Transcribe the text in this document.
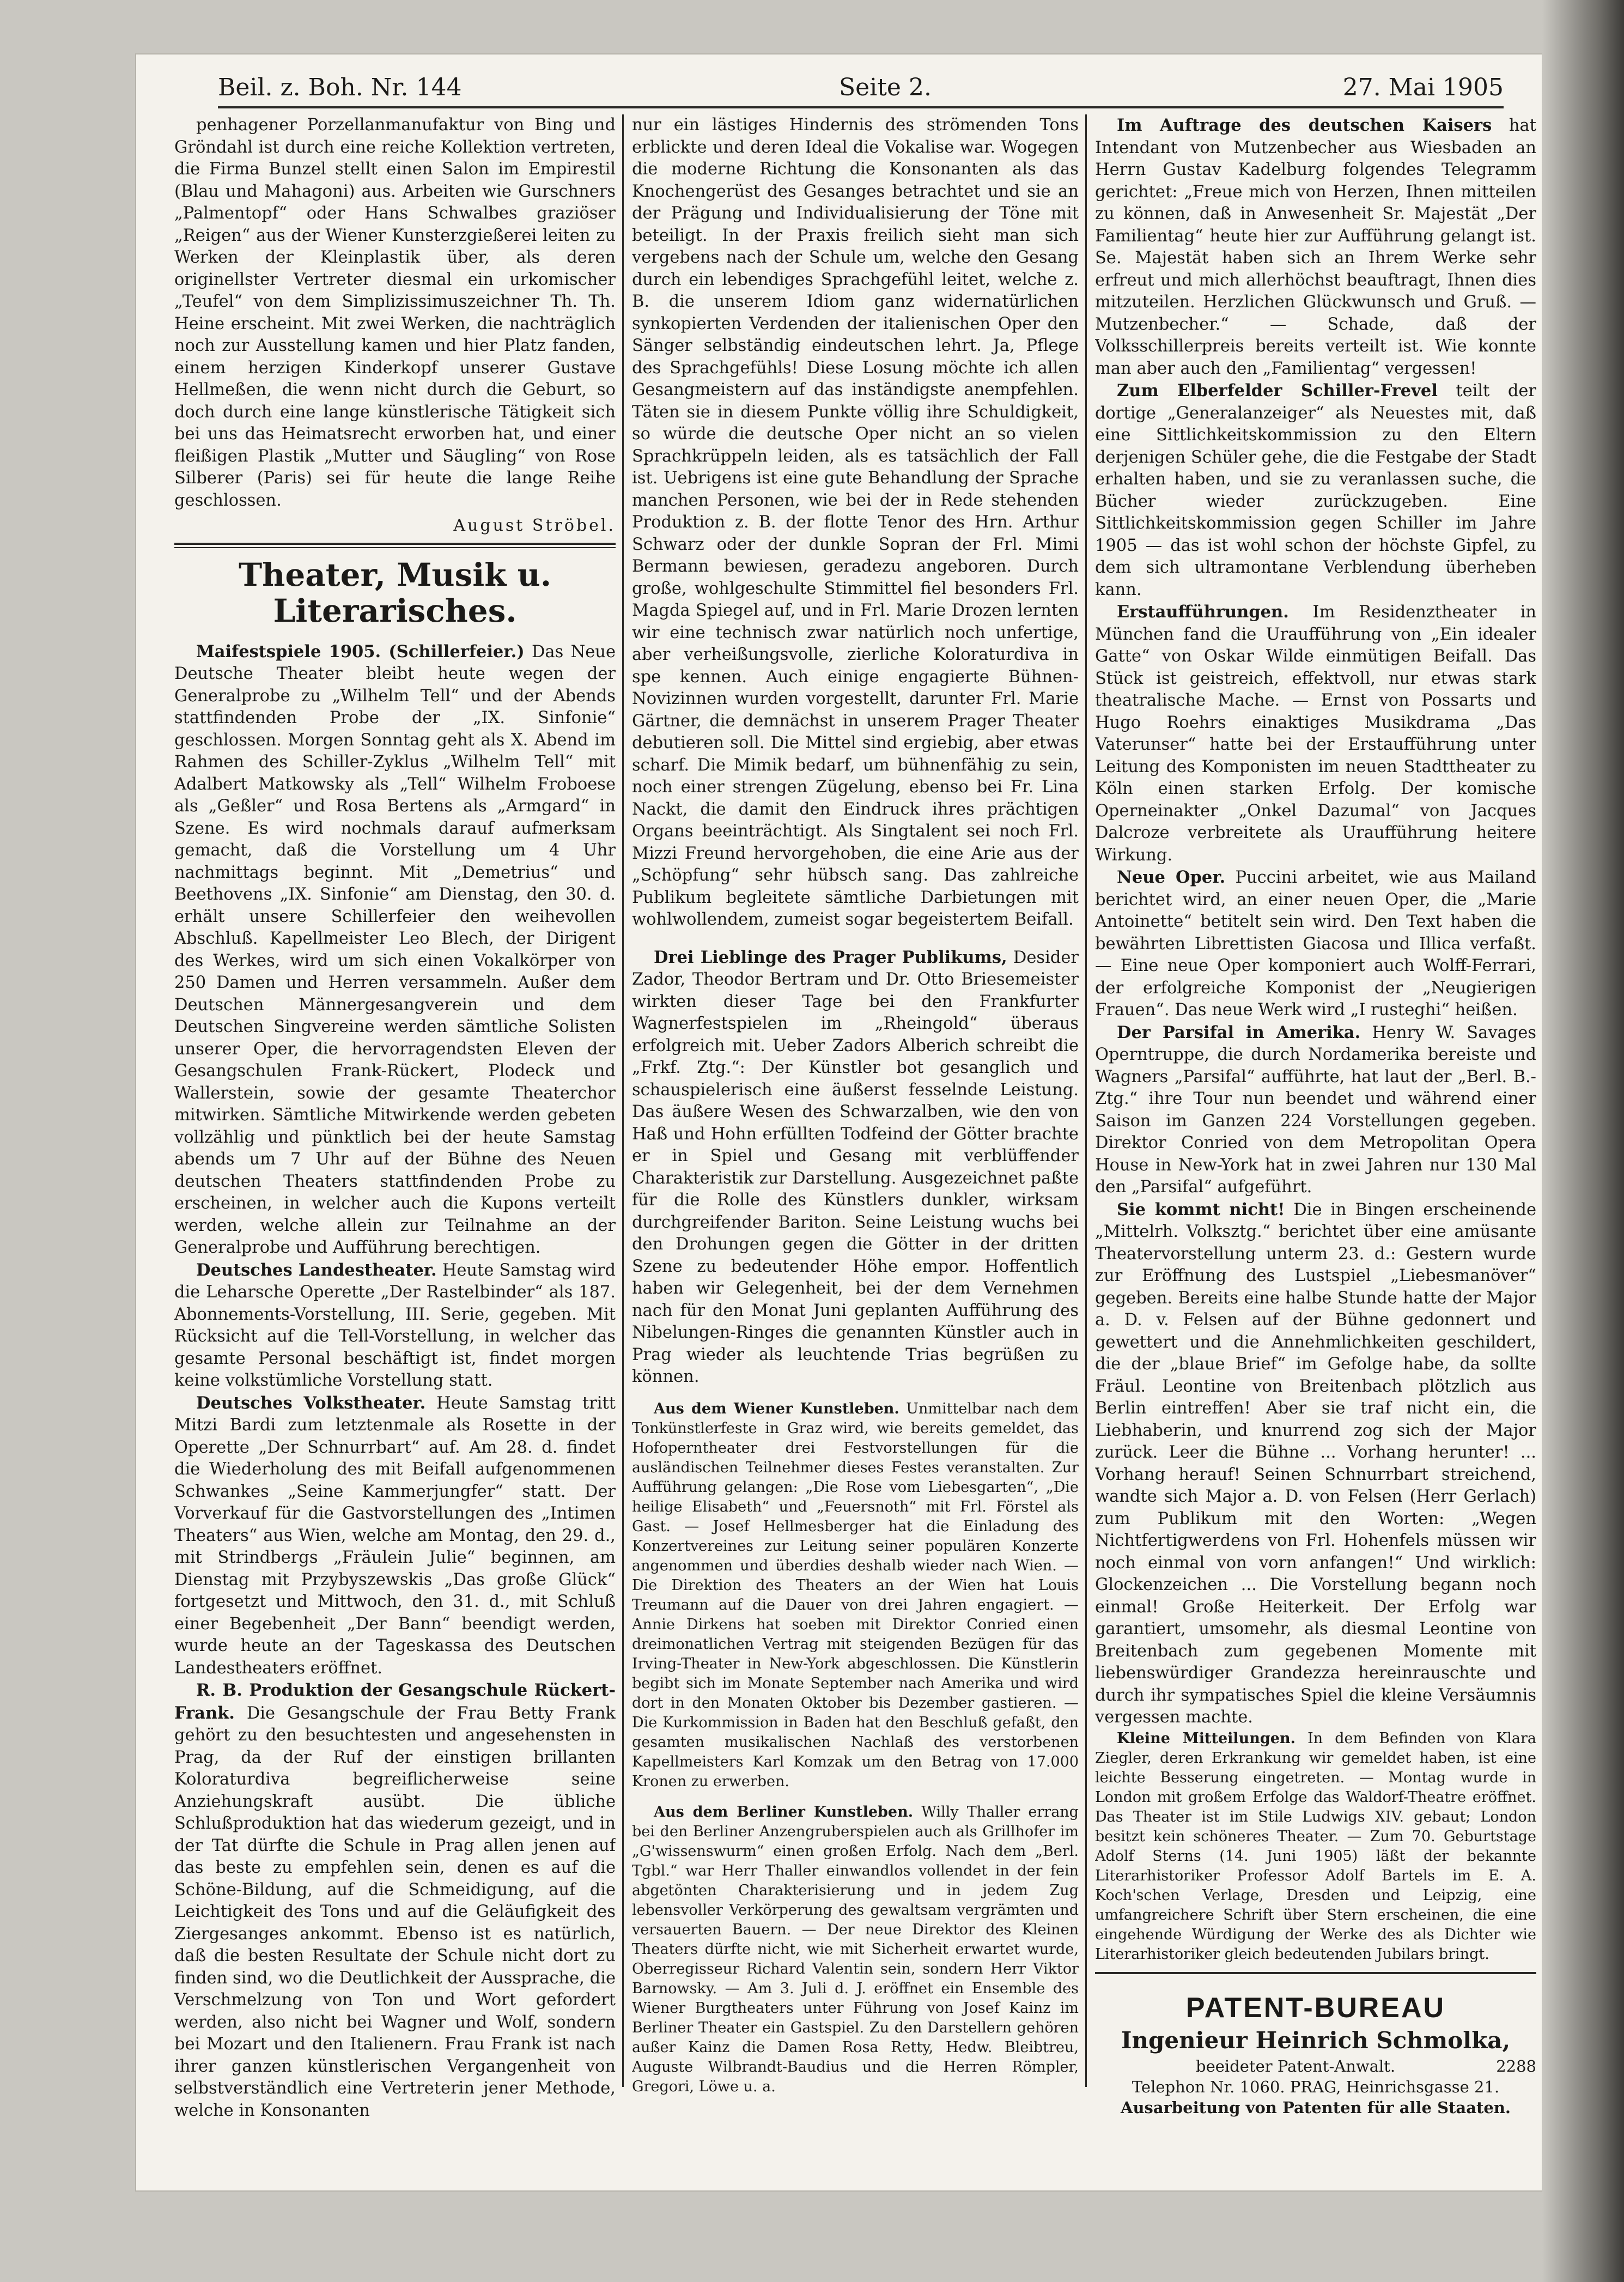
Beil. z. Boh. Nr. 144	Seite 2.	27. Mai 1905

penhagener Porzellanmanufaktur von Bing und Gröndahl ist durch eine reiche Kollektion vertreten, die Firma Bunzel stellt einen Salon im Empirestil (Blau und Mahagoni) aus. Arbeiten wie Gurschners „Palmentopf“ oder Hans Schwalbes graziöser „Reigen“ aus der Wiener Kunsterzgießerei leiten zu Werken der Kleinplastik über, als deren originellster Vertreter diesmal ein urkomischer „Teufel“ von dem Simplizissimuszeichner Th. Th. Heine erscheint. Mit zwei Werken, die nachträglich noch zur Ausstellung kamen und hier Platz fanden, einem herzigen Kinderkopf unserer Gustave Hellmeßen, die wenn nicht durch die Geburt, so doch durch eine lange künstlerische Tätigkeit sich bei uns das Heimatsrecht erworben hat, und einer fleißigen Plastik „Mutter und Säugling“ von Rose Silberer (Paris) sei für heute die lange Reihe geschlossen.

August Ströbel.
Theater, Musik u. Literarisches.

Maifestspiele 1905. (Schillerfeier.) Das Neue Deutsche Theater bleibt heute wegen der Generalprobe zu „Wilhelm Tell“ und der Abends stattfindenden Probe der „IX. Sinfonie“ geschlossen. Morgen Sonntag geht als X. Abend im Rahmen des Schiller-Zyklus „Wilhelm Tell“ mit Adalbert Matkowsky als „Tell“ Wilhelm Froboese als „Geßler“ und Rosa Bertens als „Armgard“ in Szene. Es wird nochmals darauf aufmerksam gemacht, daß die Vorstellung um 4 Uhr nachmittags beginnt. Mit „Demetrius“ und Beethovens „IX. Sinfonie“ am Dienstag, den 30. d. erhält unsere Schillerfeier den weihevollen Abschluß. Kapellmeister Leo Blech, der Dirigent des Werkes, wird um sich einen Vokalkörper von 250 Damen und Herren versammeln. Außer dem Deutschen Männergesangverein und dem Deutschen Singvereine werden sämtliche Solisten unserer Oper, die hervorragendsten Eleven der Gesangschulen Frank-Rückert, Plodeck und Wallerstein, sowie der gesamte Theaterchor mitwirken. Sämtliche Mitwirkende werden gebeten vollzählig und pünktlich bei der heute Samstag abends um 7 Uhr auf der Bühne des Neuen deutschen Theaters stattfindenden Probe zu erscheinen, in welcher auch die Kupons verteilt werden, welche allein zur Teilnahme an der Generalprobe und Aufführung berechtigen.

Deutsches Landestheater. Heute Samstag wird die Leharsche Operette „Der Rastelbinder“ als 187. Abonnements-Vorstellung, III. Serie, gegeben. Mit Rücksicht auf die Tell-Vorstellung, in welcher das gesamte Personal beschäftigt ist, findet morgen keine volkstümliche Vorstellung statt.

Deutsches Volkstheater. Heute Samstag tritt Mitzi Bardi zum letztenmale als Rosette in der Operette „Der Schnurrbart“ auf. Am 28. d. findet die Wiederholung des mit Beifall aufgenommenen Schwankes „Seine Kammerjungfer“ statt. Der Vorverkauf für die Gastvorstellungen des „Intimen Theaters“ aus Wien, welche am Montag, den 29. d., mit Strindbergs „Fräulein Julie“ beginnen, am Dienstag mit Przybyszewskis „Das große Glück“ fortgesetzt und Mittwoch, den 31. d., mit Schluß einer Begebenheit „Der Bann“ beendigt werden, wurde heute an der Tageskassa des Deutschen Landestheaters eröffnet.

R. B. Produktion der Gesangschule Rückert-Frank. Die Gesangschule der Frau Betty Frank gehört zu den besuchtesten und angesehensten in Prag, da der Ruf der einstigen brillanten Koloraturdiva begreiflicherweise seine Anziehungskraft ausübt. Die übliche Schlußproduktion hat das wiederum gezeigt, und in der Tat dürfte die Schule in Prag allen jenen auf das beste zu empfehlen sein, denen es auf die Schöne-Bildung, auf die Schmeidigung, auf die Leichtigkeit des Tons und auf die Geläufigkeit des Ziergesanges ankommt. Ebenso ist es natürlich, daß die besten Resultate der Schule nicht dort zu finden sind, wo die Deutlichkeit der Aussprache, die Verschmelzung von Ton und Wort gefordert werden, also nicht bei Wagner und Wolf, sondern bei Mozart und den Italienern. Frau Frank ist nach ihrer ganzen künstlerischen Vergangenheit von selbstverständlich eine Vertreterin jener Methode, welche in Konsonanten

nur ein lästiges Hindernis des strömenden Tons erblickte und deren Ideal die Vokalise war. Wogegen die moderne Richtung die Konsonanten als das Knochengerüst des Gesanges betrachtet und sie an der Prägung und Individualisierung der Töne mit beteiligt. In der Praxis freilich sieht man sich vergebens nach der Schule um, welche den Gesang durch ein lebendiges Sprachgefühl leitet, welche z. B. die unserem Idiom ganz widernatürlichen synkopierten Verdenden der italienischen Oper den Sänger selbständig eindeutschen lehrt. Ja, Pflege des Sprachgefühls! Diese Losung möchte ich allen Gesangmeistern auf das inständigste anempfehlen. Täten sie in diesem Punkte völlig ihre Schuldigkeit, so würde die deutsche Oper nicht an so vielen Sprachkrüppeln leiden, als es tatsächlich der Fall ist. Uebrigens ist eine gute Behandlung der Sprache manchen Personen, wie bei der in Rede stehenden Produktion z. B. der flotte Tenor des Hrn. Arthur Schwarz oder der dunkle Sopran der Frl. Mimi Bermann bewiesen, geradezu angeboren. Durch große, wohlgeschulte Stimmittel fiel besonders Frl. Magda Spiegel auf, und in Frl. Marie Drozen lernten wir eine technisch zwar natürlich noch unfertige, aber verheißungsvolle, zierliche Koloraturdiva in spe kennen. Auch einige engagierte Bühnen-Novizinnen wurden vorgestellt, darunter Frl. Marie Gärtner, die demnächst in unserem Prager Theater debutieren soll. Die Mittel sind ergiebig, aber etwas scharf. Die Mimik bedarf, um bühnenfähig zu sein, noch einer strengen Zügelung, ebenso bei Fr. Lina Nackt, die damit den Eindruck ihres prächtigen Organs beeinträchtigt. Als Singtalent sei noch Frl. Mizzi Freund hervorgehoben, die eine Arie aus der „Schöpfung“ sehr hübsch sang. Das zahlreiche Publikum begleitete sämtliche Darbietungen mit wohlwollendem, zumeist sogar begeistertem Beifall.

Drei Lieblinge des Prager Publikums, Desider Zador, Theodor Bertram und Dr. Otto Briesemeister wirkten dieser Tage bei den Frankfurter Wagnerfestspielen im „Rheingold“ überaus erfolgreich mit. Ueber Zadors Alberich schreibt die „Frkf. Ztg.“: Der Künstler bot gesanglich und schauspielerisch eine äußerst fesselnde Leistung. Das äußere Wesen des Schwarzalben, wie den von Haß und Hohn erfüllten Todfeind der Götter brachte er in Spiel und Gesang mit verblüffender Charakteristik zur Darstellung. Ausgezeichnet paßte für die Rolle des Künstlers dunkler, wirksam durchgreifender Bariton. Seine Leistung wuchs bei den Drohungen gegen die Götter in der dritten Szene zu bedeutender Höhe empor. Hoffentlich haben wir Gelegenheit, bei der dem Vernehmen nach für den Monat Juni geplanten Aufführung des Nibelungen-Ringes die genannten Künstler auch in Prag wieder als leuchtende Trias begrüßen zu können.

Aus dem Wiener Kunstleben. Unmittelbar nach dem Tonkünstlerfeste in Graz wird, wie bereits gemeldet, das Hofoperntheater drei Festvorstellungen für die ausländischen Teilnehmer dieses Festes veranstalten. Zur Aufführung gelangen: „Die Rose vom Liebesgarten“, „Die heilige Elisabeth“ und „Feuersnoth“ mit Frl. Förstel als Gast. — Josef Hellmesberger hat die Einladung des Konzertvereines zur Leitung seiner populären Konzerte angenommen und überdies deshalb wieder nach Wien. — Die Direktion des Theaters an der Wien hat Louis Treumann auf die Dauer von drei Jahren engagiert. — Annie Dirkens hat soeben mit Direktor Conried einen dreimonatlichen Vertrag mit steigenden Bezügen für das Irving-Theater in New-York abgeschlossen. Die Künstlerin begibt sich im Monate September nach Amerika und wird dort in den Monaten Oktober bis Dezember gastieren. — Die Kurkommission in Baden hat den Beschluß gefaßt, den gesamten musikalischen Nachlaß des verstorbenen Kapellmeisters Karl Komzak um den Betrag von 17.000 Kronen zu erwerben.

Aus dem Berliner Kunstleben. Willy Thaller errang bei den Berliner Anzengruberspielen auch als Grillhofer im „G'wissenswurm“ einen großen Erfolg. Nach dem „Berl. Tgbl.“ war Herr Thaller einwandlos vollendet in der fein abgetönten Charakterisierung und in jedem Zug lebensvoller Verkörperung des gewaltsam vergrämten und versauerten Bauern. — Der neue Direktor des Kleinen Theaters dürfte nicht, wie mit Sicherheit erwartet wurde, Oberregisseur Richard Valentin sein, sondern Herr Viktor Barnowsky. — Am 3. Juli d. J. eröffnet ein Ensemble des Wiener Burgtheaters unter Führung von Josef Kainz im Berliner Theater ein Gastspiel. Zu den Darstellern gehören außer Kainz die Damen Rosa Retty, Hedw. Bleibtreu, Auguste Wilbrandt-Baudius und die Herren Römpler, Gregori, Löwe u. a.

Im Auftrage des deutschen Kaisers hat Intendant von Mutzenbecher aus Wiesbaden an Herrn Gustav Kadelburg folgendes Telegramm gerichtet: „Freue mich von Herzen, Ihnen mitteilen zu können, daß in Anwesenheit Sr. Majestät „Der Familientag“ heute hier zur Aufführung gelangt ist. Se. Majestät haben sich an Ihrem Werke sehr erfreut und mich allerhöchst beauftragt, Ihnen dies mitzuteilen. Herzlichen Glückwunsch und Gruß. — Mutzenbecher.“ — Schade, daß der Volksschillerpreis bereits verteilt ist. Wie konnte man aber auch den „Familientag“ vergessen!

Zum Elberfelder Schiller-Frevel teilt der dortige „Generalanzeiger“ als Neuestes mit, daß eine Sittlichkeitskommission zu den Eltern derjenigen Schüler gehe, die die Festgabe der Stadt erhalten haben, und sie zu veranlassen suche, die Bücher wieder zurückzugeben. Eine Sittlichkeitskommission gegen Schiller im Jahre 1905 — das ist wohl schon der höchste Gipfel, zu dem sich ultramontane Verblendung überheben kann.

Erstaufführungen. Im Residenztheater in München fand die Uraufführung von „Ein idealer Gatte“ von Oskar Wilde einmütigen Beifall. Das Stück ist geistreich, effektvoll, nur etwas stark theatralische Mache. — Ernst von Possarts und Hugo Roehrs einaktiges Musikdrama „Das Vaterunser“ hatte bei der Erstaufführung unter Leitung des Komponisten im neuen Stadttheater zu Köln einen starken Erfolg. Der komische Operneinakter „Onkel Dazumal“ von Jacques Dalcroze verbreitete als Uraufführung heitere Wirkung.

Neue Oper. Puccini arbeitet, wie aus Mailand berichtet wird, an einer neuen Oper, die „Marie Antoinette“ betitelt sein wird. Den Text haben die bewährten Librettisten Giacosa und Illica verfaßt. — Eine neue Oper komponiert auch Wolff-Ferrari, der erfolgreiche Komponist der „Neugierigen Frauen“. Das neue Werk wird „I rusteghi“ heißen.

Der Parsifal in Amerika. Henry W. Savages Operntruppe, die durch Nordamerika bereiste und Wagners „Parsifal“ aufführte, hat laut der „Berl. B.-Ztg.“ ihre Tour nun beendet und während einer Saison im Ganzen 224 Vorstellungen gegeben. Direktor Conried von dem Metropolitan Opera House in New-York hat in zwei Jahren nur 130 Mal den „Parsifal“ aufgeführt.

Sie kommt nicht! Die in Bingen erscheinende „Mittelrh. Volksztg.“ berichtet über eine amüsante Theatervorstellung unterm 23. d.: Gestern wurde zur Eröffnung des Lustspiel „Liebesmanöver“ gegeben. Bereits eine halbe Stunde hatte der Major a. D. v. Felsen auf der Bühne gedonnert und gewettert und die Annehmlichkeiten geschildert, die der „blaue Brief“ im Gefolge habe, da sollte Fräul. Leontine von Breitenbach plötzlich aus Berlin eintreffen! Aber sie traf nicht ein, die Liebhaberin, und knurrend zog sich der Major zurück. Leer die Bühne ... Vorhang herunter! ... Vorhang herauf! Seinen Schnurrbart streichend, wandte sich Major a. D. von Felsen (Herr Gerlach) zum Publikum mit den Worten: „Wegen Nichtfertigwerdens von Frl. Hohenfels müssen wir noch einmal von vorn anfangen!“ Und wirklich: Glockenzeichen ... Die Vorstellung begann noch einmal! Große Heiterkeit. Der Erfolg war garantiert, umsomehr, als diesmal Leontine von Breitenbach zum gegebenen Momente mit liebenswürdiger Grandezza hereinrauschte und durch ihr sympatisches Spiel die kleine Versäumnis vergessen machte.

Kleine Mitteilungen. In dem Befinden von Klara Ziegler, deren Erkrankung wir gemeldet haben, ist eine leichte Besserung eingetreten. — Montag wurde in London mit großem Erfolge das Waldorf-Theatre eröffnet. Das Theater ist im Stile Ludwigs XIV. gebaut; London besitzt kein schöneres Theater. — Zum 70. Geburtstage Adolf Sterns (14. Juni 1905) läßt der bekannte Literarhistoriker Professor Adolf Bartels im E. A. Koch'schen Verlage, Dresden und Leipzig, eine umfangreichere Schrift über Stern erscheinen, die eine eingehende Würdigung der Werke des als Dichter wie Literarhistoriker gleich bedeutenden Jubilars bringt.

PATENT-BUREAU
Ingenieur Heinrich Schmolka,
beeideter Patent-Anwalt.	2288
Telephon Nr. 1060. PRAG, Heinrichsgasse 21.
Ausarbeitung von Patenten für alle Staaten.
